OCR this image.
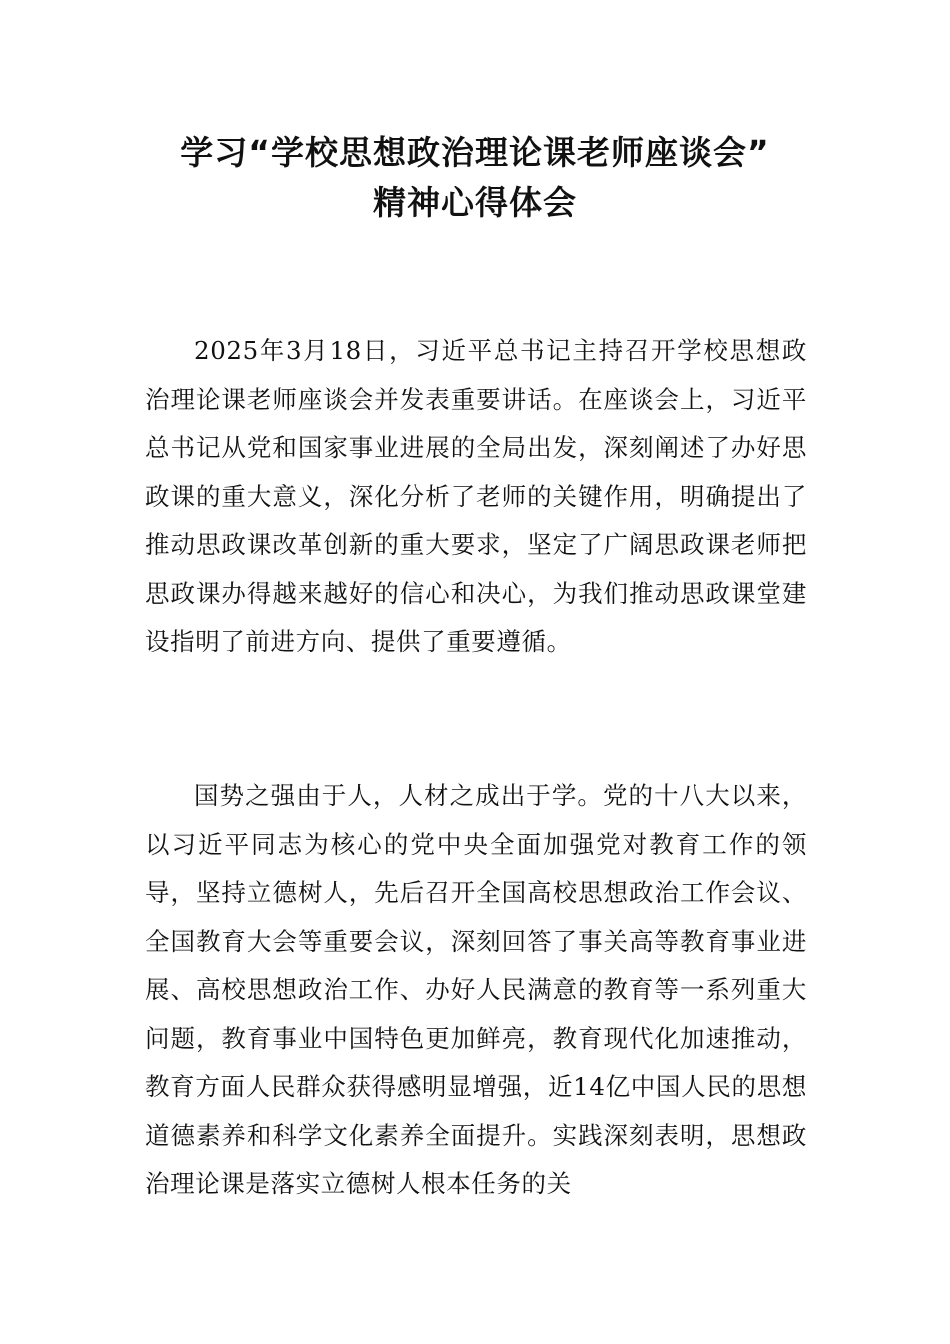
学习“学校思想政治理论课老师座谈会”
精神心得体会

2025年3月18日，习近平总书记主持召开学校思想政治理论课老师座谈会并发表重要讲话。在座谈会上，习近平总书记从党和国家事业进展的全局出发，深刻阐述了办好思政课的重大意义，深化分析了老师的关键作用，明确提出了推动思政课改革创新的重大要求，坚定了广阔思政课老师把思政课办得越来越好的信心和决心，为我们推动思政课堂建设指明了前进方向、提供了重要遵循。

国势之强由于人，人材之成出于学。党的十八大以来，以习近平同志为核心的党中央全面加强党对教育工作的领导，坚持立德树人，先后召开全国高校思想政治工作会议、全国教育大会等重要会议，深刻回答了事关高等教育事业进展、高校思想政治工作、办好人民满意的教育等一系列重大问题，教育事业中国特色更加鲜亮，教育现代化加速推动，教育方面人民群众获得感明显增强，近14亿中国人民的思想道德素养和科学文化素养全面提升。实践深刻表明，思想政治理论课是落实立德树人根本任务的关
